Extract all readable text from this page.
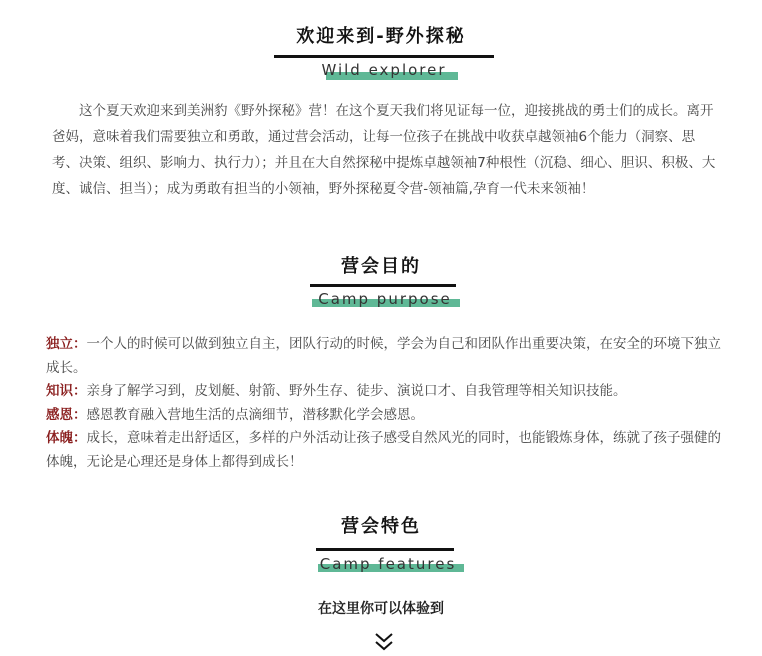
欢迎来到-野外探秘
Wild explorer
这个夏天欢迎来到美洲豹《野外探秘》营！在这个夏天我们将见证每一位，迎接挑战的勇士们的成长。离开爸妈，意味着我们需要独立和勇敢，通过营会活动，让每一位孩子在挑战中收获卓越领袖6个能力（洞察、思考、决策、组织、影响力、执行力）；并且在大自然探秘中提炼卓越领袖7种根性（沉稳、细心、胆识、积极、大度、诚信、担当）；成为勇敢有担当的小领袖，野外探秘夏令营-领袖篇,孕育一代未来领袖！
营会目的
Camp purpose

独立：一个人的时候可以做到独立自主，团队行动的时候，学会为自己和团队作出重要决策，在安全的环境下独立成长。

知识：亲身了解学习到，皮划艇、射箭、野外生存、徒步、演说口才、自我管理等相关知识技能。

感恩：感恩教育融入营地生活的点滴细节，潜移默化学会感恩。

体魄：成长，意味着走出舒适区，多样的户外活动让孩子感受自然风光的同时，也能锻炼身体，练就了孩子强健的体魄，无论是心理还是身体上都得到成长！

营会特色
Camp features
在这里你可以体验到
